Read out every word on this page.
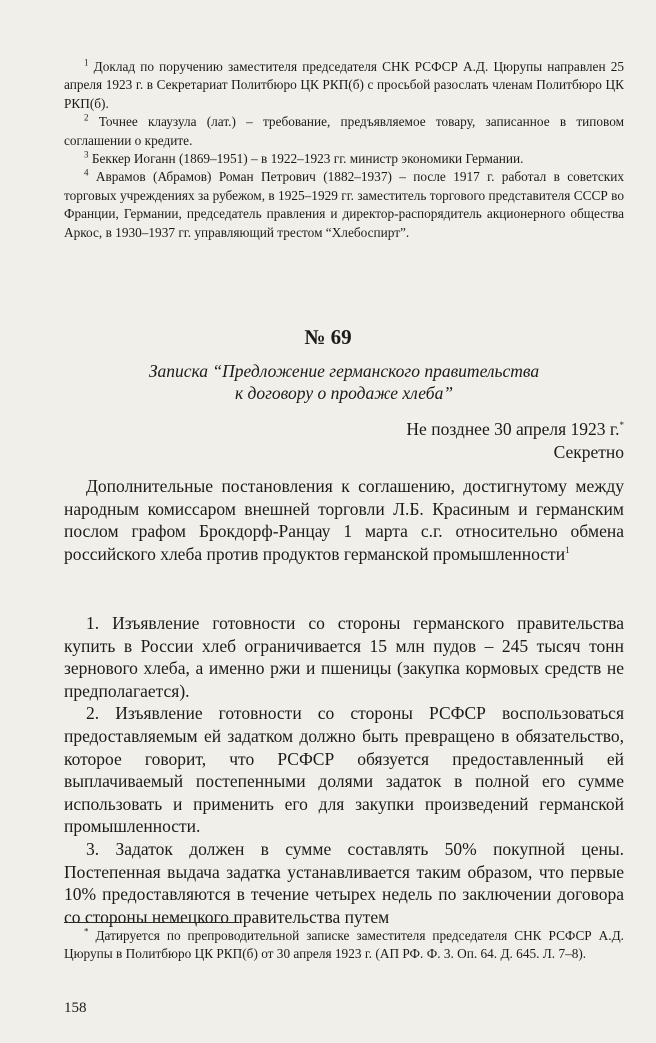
$^1$ Доклад по поручению заместителя председателя СНК РСФСР А.Д. Цюрупы направлен 25 апреля 1923 г. в Секретариат Политбюро ЦК РКП(б) с просьбой разослать членам Политбюро ЦК РКП(б).

$^2$ Точнее клаузула (лат.) – требование, предъявляемое товару, записанное в типовом соглашении о кредите.

$^3$ Беккер Иоганн (1869–1951) – в 1922–1923 гг. министр экономики Германии.

$^4$ Аврамов (Абрамов) Роман Петрович (1882–1937) – после 1917 г. работал в советских торговых учреждениях за рубежом, в 1925–1929 гг. заместитель торгового представителя СССР во Франции, Германии, председатель правления и директор-распорядитель акционерного общества Аркос, в 1930–1937 гг. управляющий трестом “Хлебоспирт”.

№ 69
Записка “Предложение германского правительства
к договору о продаже хлеба”
Не позднее 30 апреля 1923 г.*
Секретно

Дополнительные постановления к соглашению, достигнутому между народным комиссаром внешней торговли Л.Б. Красиным и германским послом графом Брокдорф-Ранцау 1 марта с.г. относительно обмена российского хлеба против продуктов германской промышленности$^1$

1. Изъявление готовности со стороны германского правительства купить в России хлеб ограничивается 15 млн пудов – 245 тысяч тонн зернового хлеба, а именно ржи и пшеницы (закупка кормовых средств не предполагается).

2. Изъявление готовности со стороны РСФСР воспользоваться предоставляемым ей задатком должно быть превращено в обязательство, которое говорит, что РСФСР обязуется предоставленный ей выплачиваемый постепенными долями задаток в полной его сумме использовать и применить его для закупки произведений германской промышленности.

3. Задаток должен в сумме составлять 50% покупной цены. Постепенная выдача задатка устанавливается таким образом, что первые 10% предоставляются в течение четырех недель по заключении договора со стороны немецкого правительства путем

* Датируется по препроводительной записке заместителя председателя СНК РСФСР А.Д. Цюрупы в Политбюро ЦК РКП(б) от 30 апреля 1923 г. (АП РФ. Ф. 3. Оп. 64. Д. 645. Л. 7–8).

158
